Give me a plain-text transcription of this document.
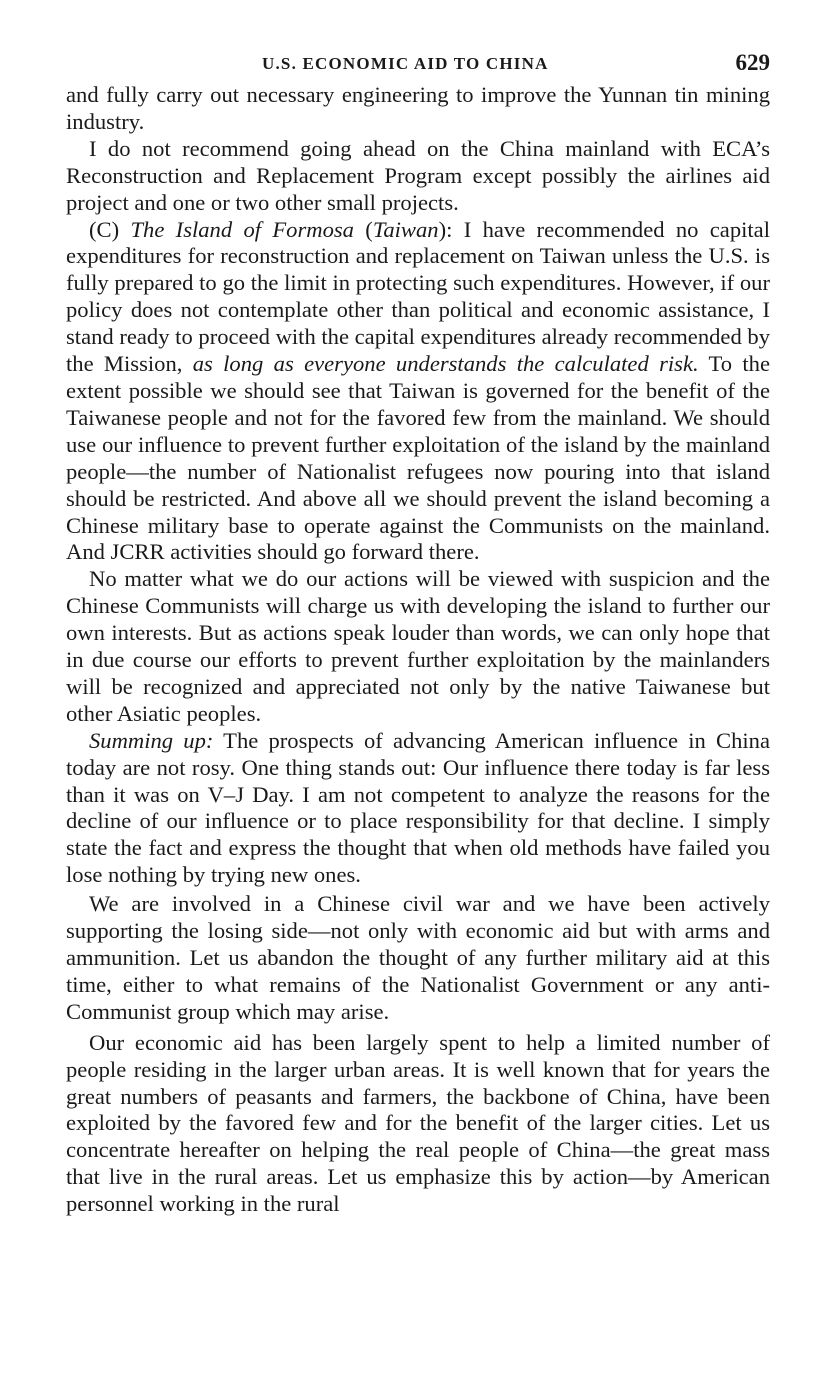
U.S. ECONOMIC AID TO CHINA	629

and fully carry out necessary engineering to improve the Yunnan tin mining industry.

I do not recommend going ahead on the China mainland with ECA’s Reconstruction and Replacement Program except possibly the airlines aid project and one or two other small projects.

(C) The Island of Formosa (Taiwan): I have recommended no capital expenditures for reconstruction and replacement on Taiwan unless the U.S. is fully prepared to go the limit in protecting such expenditures. However, if our policy does not contemplate other than political and economic assistance, I stand ready to proceed with the capital expenditures already recommended by the Mission, as long as everyone understands the calculated risk. To the extent possible we should see that Taiwan is governed for the benefit of the Taiwanese people and not for the favored few from the mainland. We should use our influence to prevent further exploitation of the island by the mainland people—the number of Nationalist refugees now pouring into that island should be restricted. And above all we should prevent the island becoming a Chinese military base to operate against the Communists on the mainland. And JCRR activities should go forward there.

No matter what we do our actions will be viewed with suspicion and the Chinese Communists will charge us with developing the island to further our own interests. But as actions speak louder than words, we can only hope that in due course our efforts to prevent further exploitation by the mainlanders will be recognized and appreciated not only by the native Taiwanese but other Asiatic peoples.

Summing up: The prospects of advancing American influence in China today are not rosy. One thing stands out: Our influence there today is far less than it was on V–J Day. I am not competent to analyze the reasons for the decline of our influence or to place responsibility for that decline. I simply state the fact and express the thought that when old methods have failed you lose nothing by trying new ones.

We are involved in a Chinese civil war and we have been actively supporting the losing side—not only with economic aid but with arms and ammunition. Let us abandon the thought of any further military aid at this time, either to what remains of the Nationalist Government or any anti-Communist group which may arise.

Our economic aid has been largely spent to help a limited number of people residing in the larger urban areas. It is well known that for years the great numbers of peasants and farmers, the backbone of China, have been exploited by the favored few and for the benefit of the larger cities. Let us concentrate hereafter on helping the real people of China—the great mass that live in the rural areas. Let us emphasize this by action—by American personnel working in the rural
